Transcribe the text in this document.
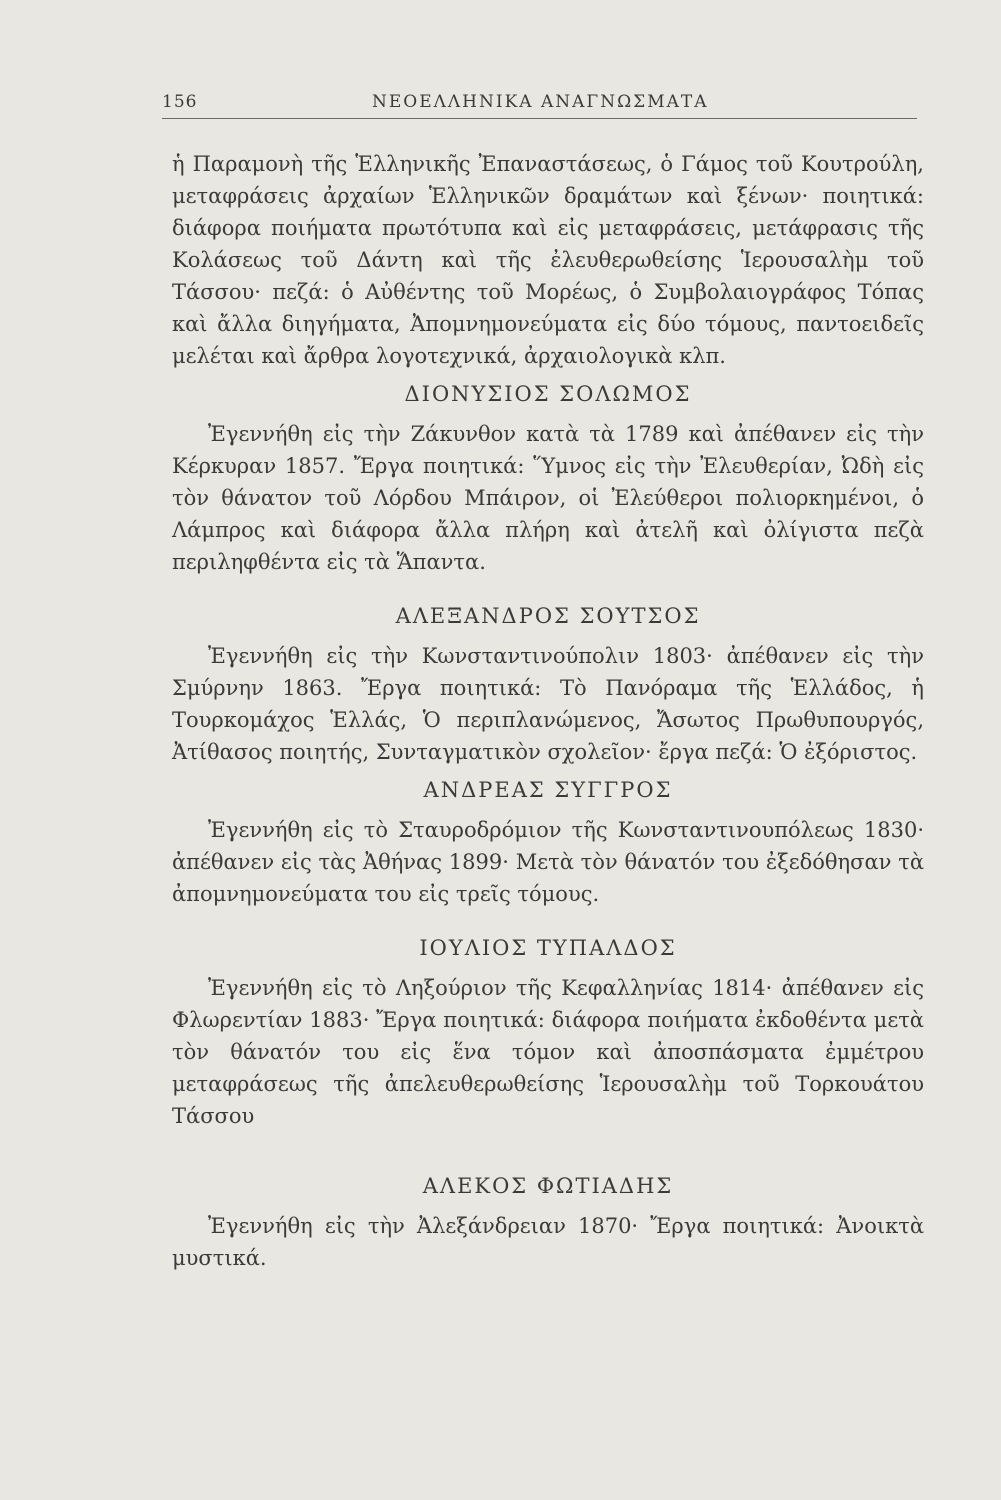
156	ΝΕΟΕΛΛΗΝΙΚΑ ΑΝΑΓΝΩΣΜΑΤΑ

ἡ Παραμονὴ τῆς Ἑλληνικῆς Ἐπαναστάσεως, ὁ Γάμος τοῦ Κουτρούλη, μεταφράσεις ἀρχαίων Ἑλληνικῶν δραμάτων καὶ ξένων· ποιητικά: διάφορα ποιήματα πρωτότυπα καὶ εἰς μεταφράσεις, μετάφρασις τῆς Κολάσεως τοῦ Δάντη καὶ τῆς ἐλευθερωθείσης Ἱερουσαλὴμ τοῦ Τάσσου· πεζά: ὁ Αὐθέντης τοῦ Μορέως, ὁ Συμβολαιογράφος Τόπας καὶ ἄλλα διηγήματα, Ἀπομνημονεύματα εἰς δύο τόμους, παντοειδεῖς μελέται καὶ ἄρθρα λογοτεχνικά, ἀρχαιολογικὰ κλπ.

ΔΙΟΝΥΣΙΟΣ ΣΟΛΩΜΟΣ

Ἐγεννήθη εἰς τὴν Ζάκυνθον κατὰ τὰ 1789 καὶ ἀπέθανεν εἰς τὴν Κέρκυραν 1857. Ἔργα ποιητικά: Ὕμνος εἰς τὴν Ἐλευθερίαν, Ὠδὴ εἰς τὸν θάνατον τοῦ Λόρδου Μπάιρον, οἱ Ἐλεύθεροι πολιορκημένοι, ὁ Λάμπρος καὶ διάφορα ἄλλα πλήρη καὶ ἀτελῆ καὶ ὀλίγιστα πεζὰ περιληφθέντα εἰς τὰ Ἅπαντα.

ΑΛΕΞΑΝΔΡΟΣ ΣΟΥΤΣΟΣ

Ἐγεννήθη εἰς τὴν Κωνσταντινούπολιν 1803· ἀπέθανεν εἰς τὴν Σμύρνην 1863. Ἔργα ποιητικά: Τὸ Πανόραμα τῆς Ἑλλάδος, ἡ Τουρκομάχος Ἑλλάς, Ὁ περιπλανώμενος, Ἄσωτος Πρωθυπουργός, Ἀτίθασος ποιητής, Συνταγματικὸν σχολεῖον· ἔργα πεζά: Ὁ ἐξόριστος.

ΑΝΔΡΕΑΣ ΣΥΓΓΡΟΣ

Ἐγεννήθη εἰς τὸ Σταυροδρόμιον τῆς Κωνσταντινουπόλεως 1830· ἀπέθανεν εἰς τὰς Ἀθήνας 1899· Μετὰ τὸν θάνατόν του ἐξεδόθησαν τὰ ἀπομνημονεύματα του εἰς τρεῖς τόμους.

ΙΟΥΛΙΟΣ ΤΥΠΑΛΔΟΣ

Ἐγεννήθη εἰς τὸ Ληξούριον τῆς Κεφαλληνίας 1814· ἀπέθανεν εἰς Φλωρεντίαν 1883· Ἔργα ποιητικά: διάφορα ποιήματα ἐκδοθέντα μετὰ τὸν θάνατόν του εἰς ἕνα τόμον καὶ ἀποσπάσματα ἐμμέτρου μεταφράσεως τῆς ἀπελευθερωθείσης Ἱερουσαλὴμ τοῦ Τορκουάτου Τάσσου

ΑΛΕΚΟΣ ΦΩΤΙΑΔΗΣ

Ἐγεννήθη εἰς τὴν Ἀλεξάνδρειαν 1870· Ἔργα ποιητικά: Ἀνοικτὰ μυστικά.
